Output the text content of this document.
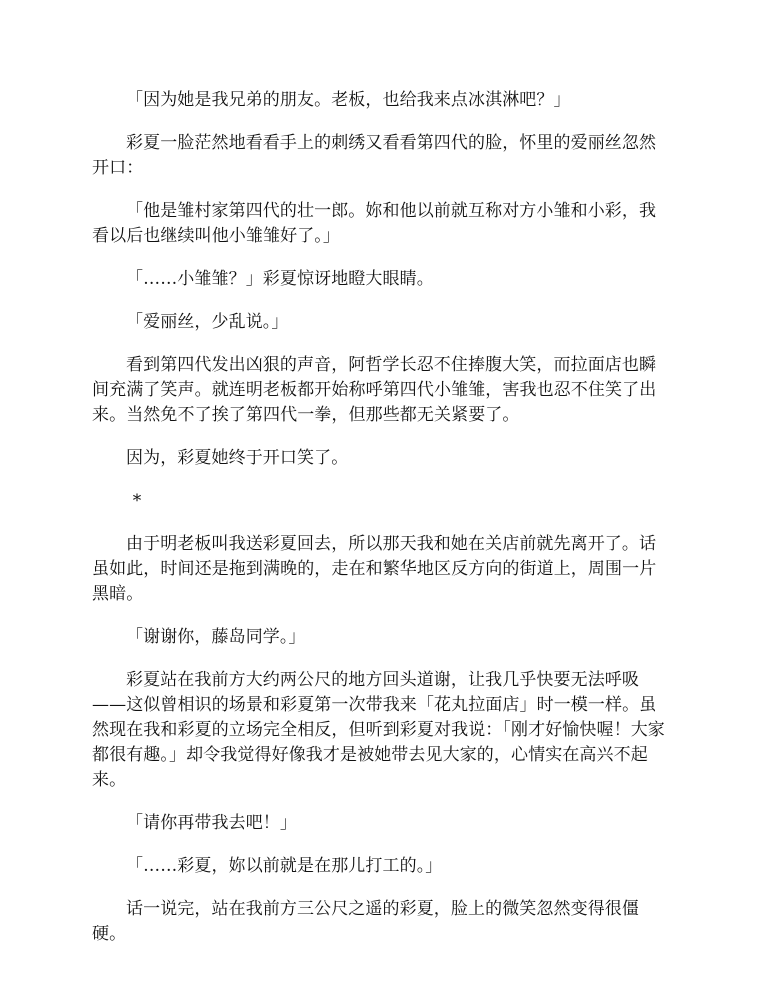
「因为她是我兄弟的朋友。老板，也给我来点冰淇淋吧？」

彩夏一脸茫然地看看手上的刺绣又看看第四代的脸，怀里的爱丽丝忽然开口：

「他是雏村家第四代的壮一郎。妳和他以前就互称对方小雏和小彩，我看以后也继续叫他小雏雏好了。」

「……小雏雏？」彩夏惊讶地瞪大眼睛。

「爱丽丝，少乱说。」

看到第四代发出凶狠的声音，阿哲学长忍不住捧腹大笑，而拉面店也瞬间充满了笑声。就连明老板都开始称呼第四代小雏雏，害我也忍不住笑了出来。当然免不了挨了第四代一拳，但那些都无关紧要了。

因为，彩夏她终于开口笑了。

*

由于明老板叫我送彩夏回去，所以那天我和她在关店前就先离开了。话虽如此，时间还是拖到满晚的，走在和繁华地区反方向的街道上，周围一片黑暗。

「谢谢你，藤岛同学。」

彩夏站在我前方大约两公尺的地方回头道谢，让我几乎快要无法呼吸——这似曾相识的场景和彩夏第一次带我来「花丸拉面店」时一模一样。虽然现在我和彩夏的立场完全相反，但听到彩夏对我说：「刚才好愉快喔！大家都很有趣。」却令我觉得好像我才是被她带去见大家的，心情实在高兴不起来。

「请你再带我去吧！」

「……彩夏，妳以前就是在那儿打工的。」

话一说完，站在我前方三公尺之遥的彩夏，脸上的微笑忽然变得很僵硬。
